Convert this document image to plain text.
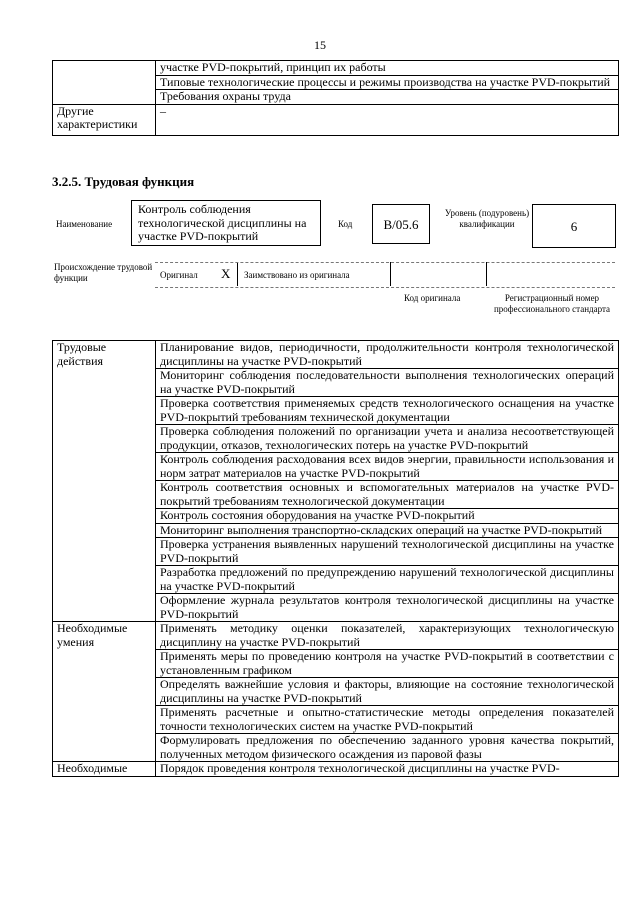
15
	участке PVD-покрытий, принцип их работы
	Типовые технологические процессы и режимы производства на участке PVD-покрытий
	Требования охраны труда
Другие характеристики	–
3.2.5. Трудовая функция
Наименование
Контроль соблюдения технологической дисциплины на участке PVD-покрытий
Код	B/05.6
Уровень (подуровень) квалификации	6
Происхождение трудовой функции	Оригинал X Заимствовано из оригинала
Код оригинала	Регистрационный номер профессионального стандарта
Трудовые действия	Планирование видов, периодичности, продолжительности контроля технологической дисциплины на участке PVD-покрытий
	Мониторинг соблюдения последовательности выполнения технологических операций на участке PVD-покрытий
	Проверка соответствия применяемых средств технологического оснащения на участке PVD-покрытий требованиям технической документации
	Проверка соблюдения положений по организации учета и анализа несоответствующей продукции, отказов, технологических потерь на участке PVD-покрытий
	Контроль соблюдения расходования всех видов энергии, правильности использования и норм затрат материалов на участке PVD-покрытий
	Контроль соответствия основных и вспомогательных материалов на участке PVD-покрытий требованиям технологической документации
	Контроль состояния оборудования на участке PVD-покрытий
	Мониторинг выполнения транспортно-складских операций на участке PVD-покрытий
	Проверка устранения выявленных нарушений технологической дисциплины на участке PVD-покрытий
	Разработка предложений по предупреждению нарушений технологической дисциплины на участке PVD-покрытий
	Оформление журнала результатов контроля технологической дисциплины на участке PVD-покрытий
Необходимые умения	Применять методику оценки показателей, характеризующих технологическую дисциплину на участке PVD-покрытий
	Применять меры по проведению контроля на участке PVD-покрытий в соответствии с установленным графиком
	Определять важнейшие условия и факторы, влияющие на состояние технологической дисциплины на участке PVD-покрытий
	Применять расчетные и опытно-статистические методы определения показателей точности технологических систем на участке PVD-покрытий
	Формулировать предложения по обеспечению заданного уровня качества покрытий, полученных методом физического осаждения из паровой фазы
Необходимые	Порядок проведения контроля технологической дисциплины на участке PVD-
